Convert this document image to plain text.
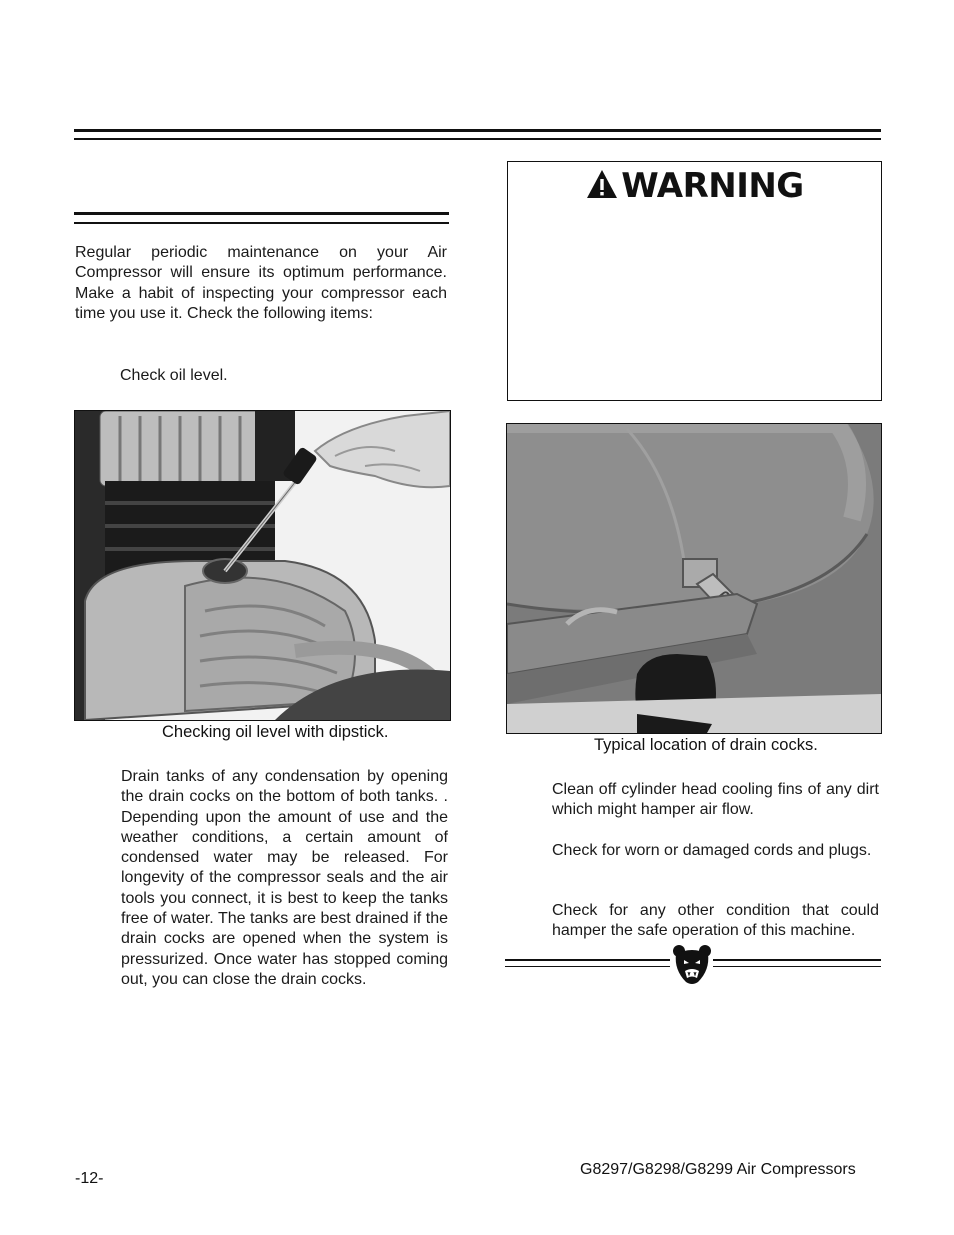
Regular periodic maintenance on your Air Compressor will ensure its optimum performance. Make a habit of inspecting your compressor each time you use it. Check the following items:
Check oil level.
Checking oil level with dipstick.
Drain tanks of any condensation by opening the drain cocks on the bottom of both tanks. . Depending upon the amount of use and the weather conditions, a certain amount of condensed water may be released. For longevity of the compressor seals and the air tools you connect, it is best to keep the tanks free of water. The tanks are best drained if the drain cocks are opened when the system is pressurized. Once water has stopped coming out, you can close the drain cocks.
WARNING
Typical location of drain cocks.
Clean off cylinder head cooling fins of any dirt which might hamper air flow.
Check for worn or damaged cords and plugs.
Check for any other condition that could hamper the safe operation of this machine.
-12-
G8297/G8298/G8299 Air Compressors
